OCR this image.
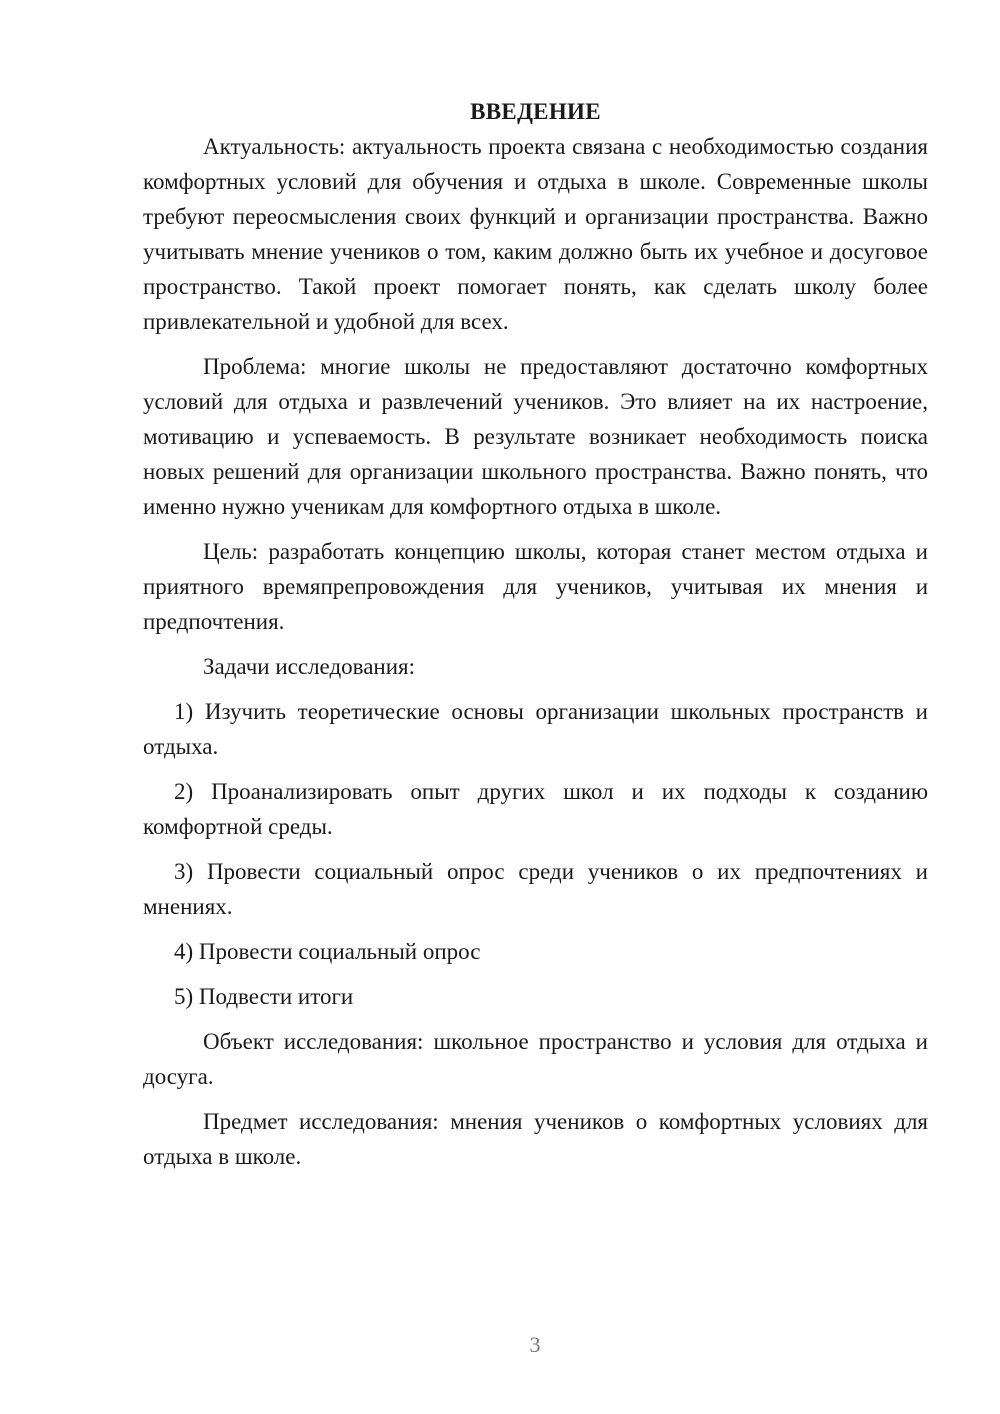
ВВЕДЕНИЕ

Актуальность: актуальность проекта связана с необходимостью создания комфортных условий для обучения и отдыха в школе. Современные школы требуют переосмысления своих функций и организации пространства. Важно учитывать мнение учеников о том, каким должно быть их учебное и досуговое пространство. Такой проект помогает понять, как сделать школу более привлекательной и удобной для всех.

Проблема: многие школы не предоставляют достаточно комфортных условий для отдыха и развлечений учеников. Это влияет на их настроение, мотивацию и успеваемость. В результате возникает необходимость поиска новых решений для организации школьного пространства. Важно понять, что именно нужно ученикам для комфортного отдыха в школе.

Цель: разработать концепцию школы, которая станет местом отдыха и приятного времяпрепровождения для учеников, учитывая их мнения и предпочтения.

Задачи исследования:

1) Изучить теоретические основы организации школьных пространств и отдыха.

2) Проанализировать опыт других школ и их подходы к созданию комфортной среды.

3) Провести социальный опрос среди учеников о их предпочтениях и мнениях.

4) Провести социальный опрос

5) Подвести итоги

Объект исследования: школьное пространство и условия для отдыха и досуга.

Предмет исследования: мнения учеников о комфортных условиях для отдыха в школе.

3
